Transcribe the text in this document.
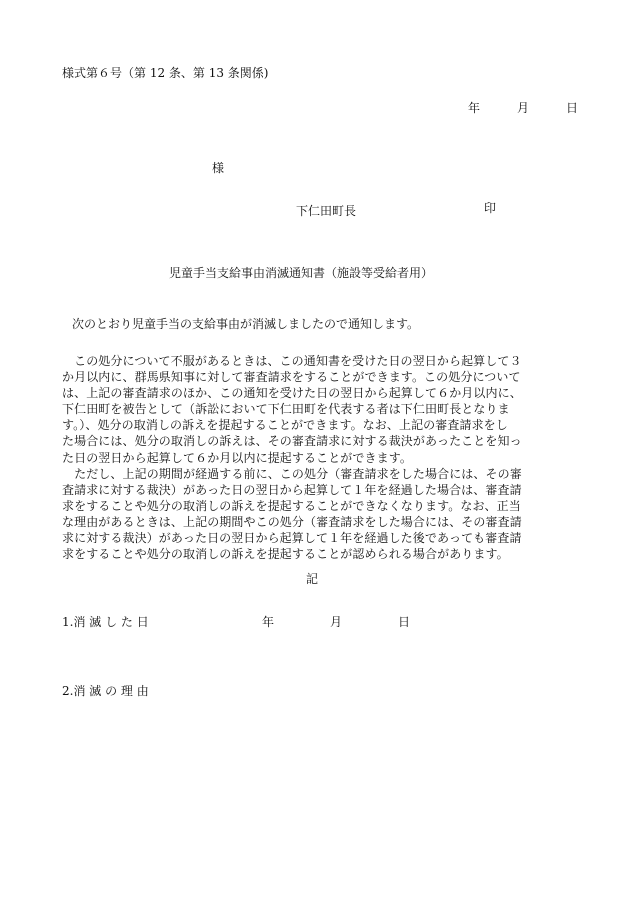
様式第６号（第 12 条、第 13 条関係)
年	月	日
様
下仁田町長	印
児童手当支給事由消滅通知書（施設等受給者用）
次のとおり児童手当の支給事由が消滅しましたので通知します。

　この処分について不服があるときは、この通知書を受けた日の翌日から起算して３
か月以内に、群馬県知事に対して審査請求をすることができます。この処分について
は、上記の審査請求のほか、この通知を受けた日の翌日から起算して６か月以内に、
下仁田町を被告として（訴訟において下仁田町を代表する者は下仁田町長となりま
す。）、処分の取消しの訴えを提起することができます。なお、上記の審査請求をし
た場合には、処分の取消しの訴えは、その審査請求に対する裁決があったことを知っ
た日の翌日から起算して６か月以内に提起することができます。
　ただし、上記の期間が経過する前に、この処分（審査請求をした場合には、その審
査請求に対する裁決）があった日の翌日から起算して１年を経過した場合は、審査請
求をすることや処分の取消しの訴えを提起することができなくなります。なお、正当
な理由があるときは、上記の期間やこの処分（審査請求をした場合には、その審査請
求に対する裁決）があった日の翌日から起算して１年を経過した後であっても審査請
求をすることや処分の取消しの訴えを提起することが認められる場合があります。

記
1.消 滅 し た 日	年	月	日
2.消 滅 の 理 由
